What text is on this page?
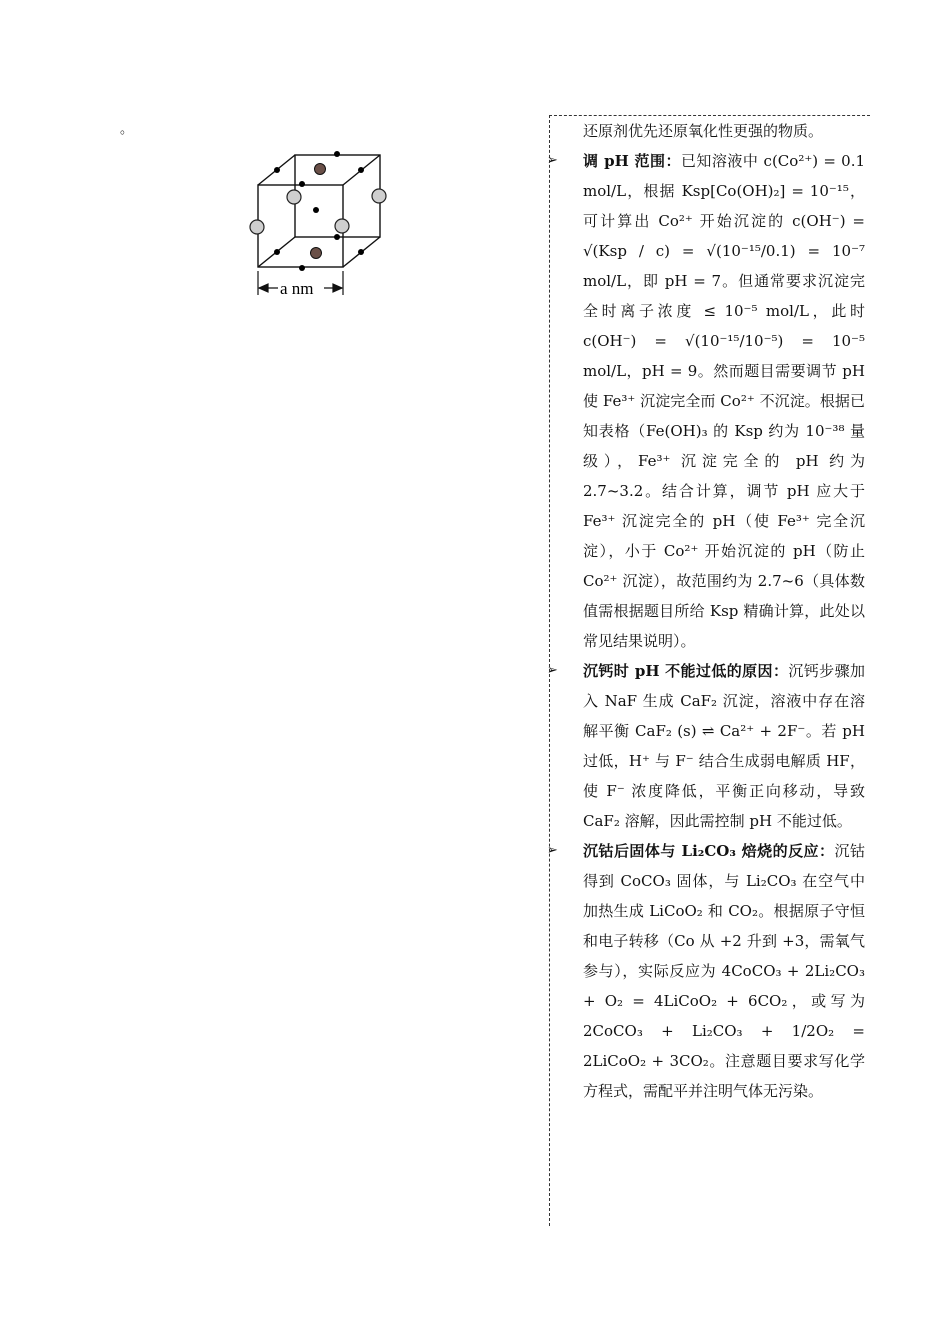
。
a nm

还原剂优先还原氧化性更强的物质。

➢ 调 pH 范围：已知溶液中 c(Co²⁺) = 0.1 mol/L，根据 Ksp[Co(OH)₂] = 10⁻¹⁵，可计算出 Co²⁺ 开始沉淀的 c(OH⁻) = √(Ksp / c) = √(10⁻¹⁵/0.1) = 10⁻⁷ mol/L，即 pH = 7。但通常要求沉淀完全时离子浓度 ≤ 10⁻⁵ mol/L，此时 c(OH⁻) = √(10⁻¹⁵/10⁻⁵) = 10⁻⁵ mol/L，pH = 9。然而题目需要调节 pH 使 Fe³⁺ 沉淀完全而 Co²⁺ 不沉淀。根据已知表格（Fe(OH)₃ 的 Ksp 约为 10⁻³⁸ 量级），Fe³⁺ 沉淀完全的 pH 约为 2.7~3.2。结合计算，调节 pH 应大于 Fe³⁺ 沉淀完全的 pH（使 Fe³⁺ 完全沉淀），小于 Co²⁺ 开始沉淀的 pH（防止 Co²⁺ 沉淀），故范围约为 2.7~6（具体数值需根据题目所给 Ksp 精确计算，此处以常见结果说明）。
➢ 沉钙时 pH 不能过低的原因：沉钙步骤加入 NaF 生成 CaF₂ 沉淀，溶液中存在溶解平衡 CaF₂ (s) ⇌ Ca²⁺ + 2F⁻。若 pH 过低，H⁺ 与 F⁻ 结合生成弱电解质 HF，使 F⁻ 浓度降低，平衡正向移动，导致 CaF₂ 溶解，因此需控制 pH 不能过低。
➢ 沉钴后固体与 Li₂CO₃ 焙烧的反应：沉钴得到 CoCO₃ 固体，与 Li₂CO₃ 在空气中加热生成 LiCoO₂ 和 CO₂。根据原子守恒和电子转移（Co 从 +2 升到 +3，需氧气参与），实际反应为 4CoCO₃ + 2Li₂CO₃ + O₂ = 4LiCoO₂ + 6CO₂，或写为 2CoCO₃ + Li₂CO₃ + 1/2O₂ = 2LiCoO₂ + 3CO₂。注意题目要求写化学方程式，需配平并注明气体无污染。
